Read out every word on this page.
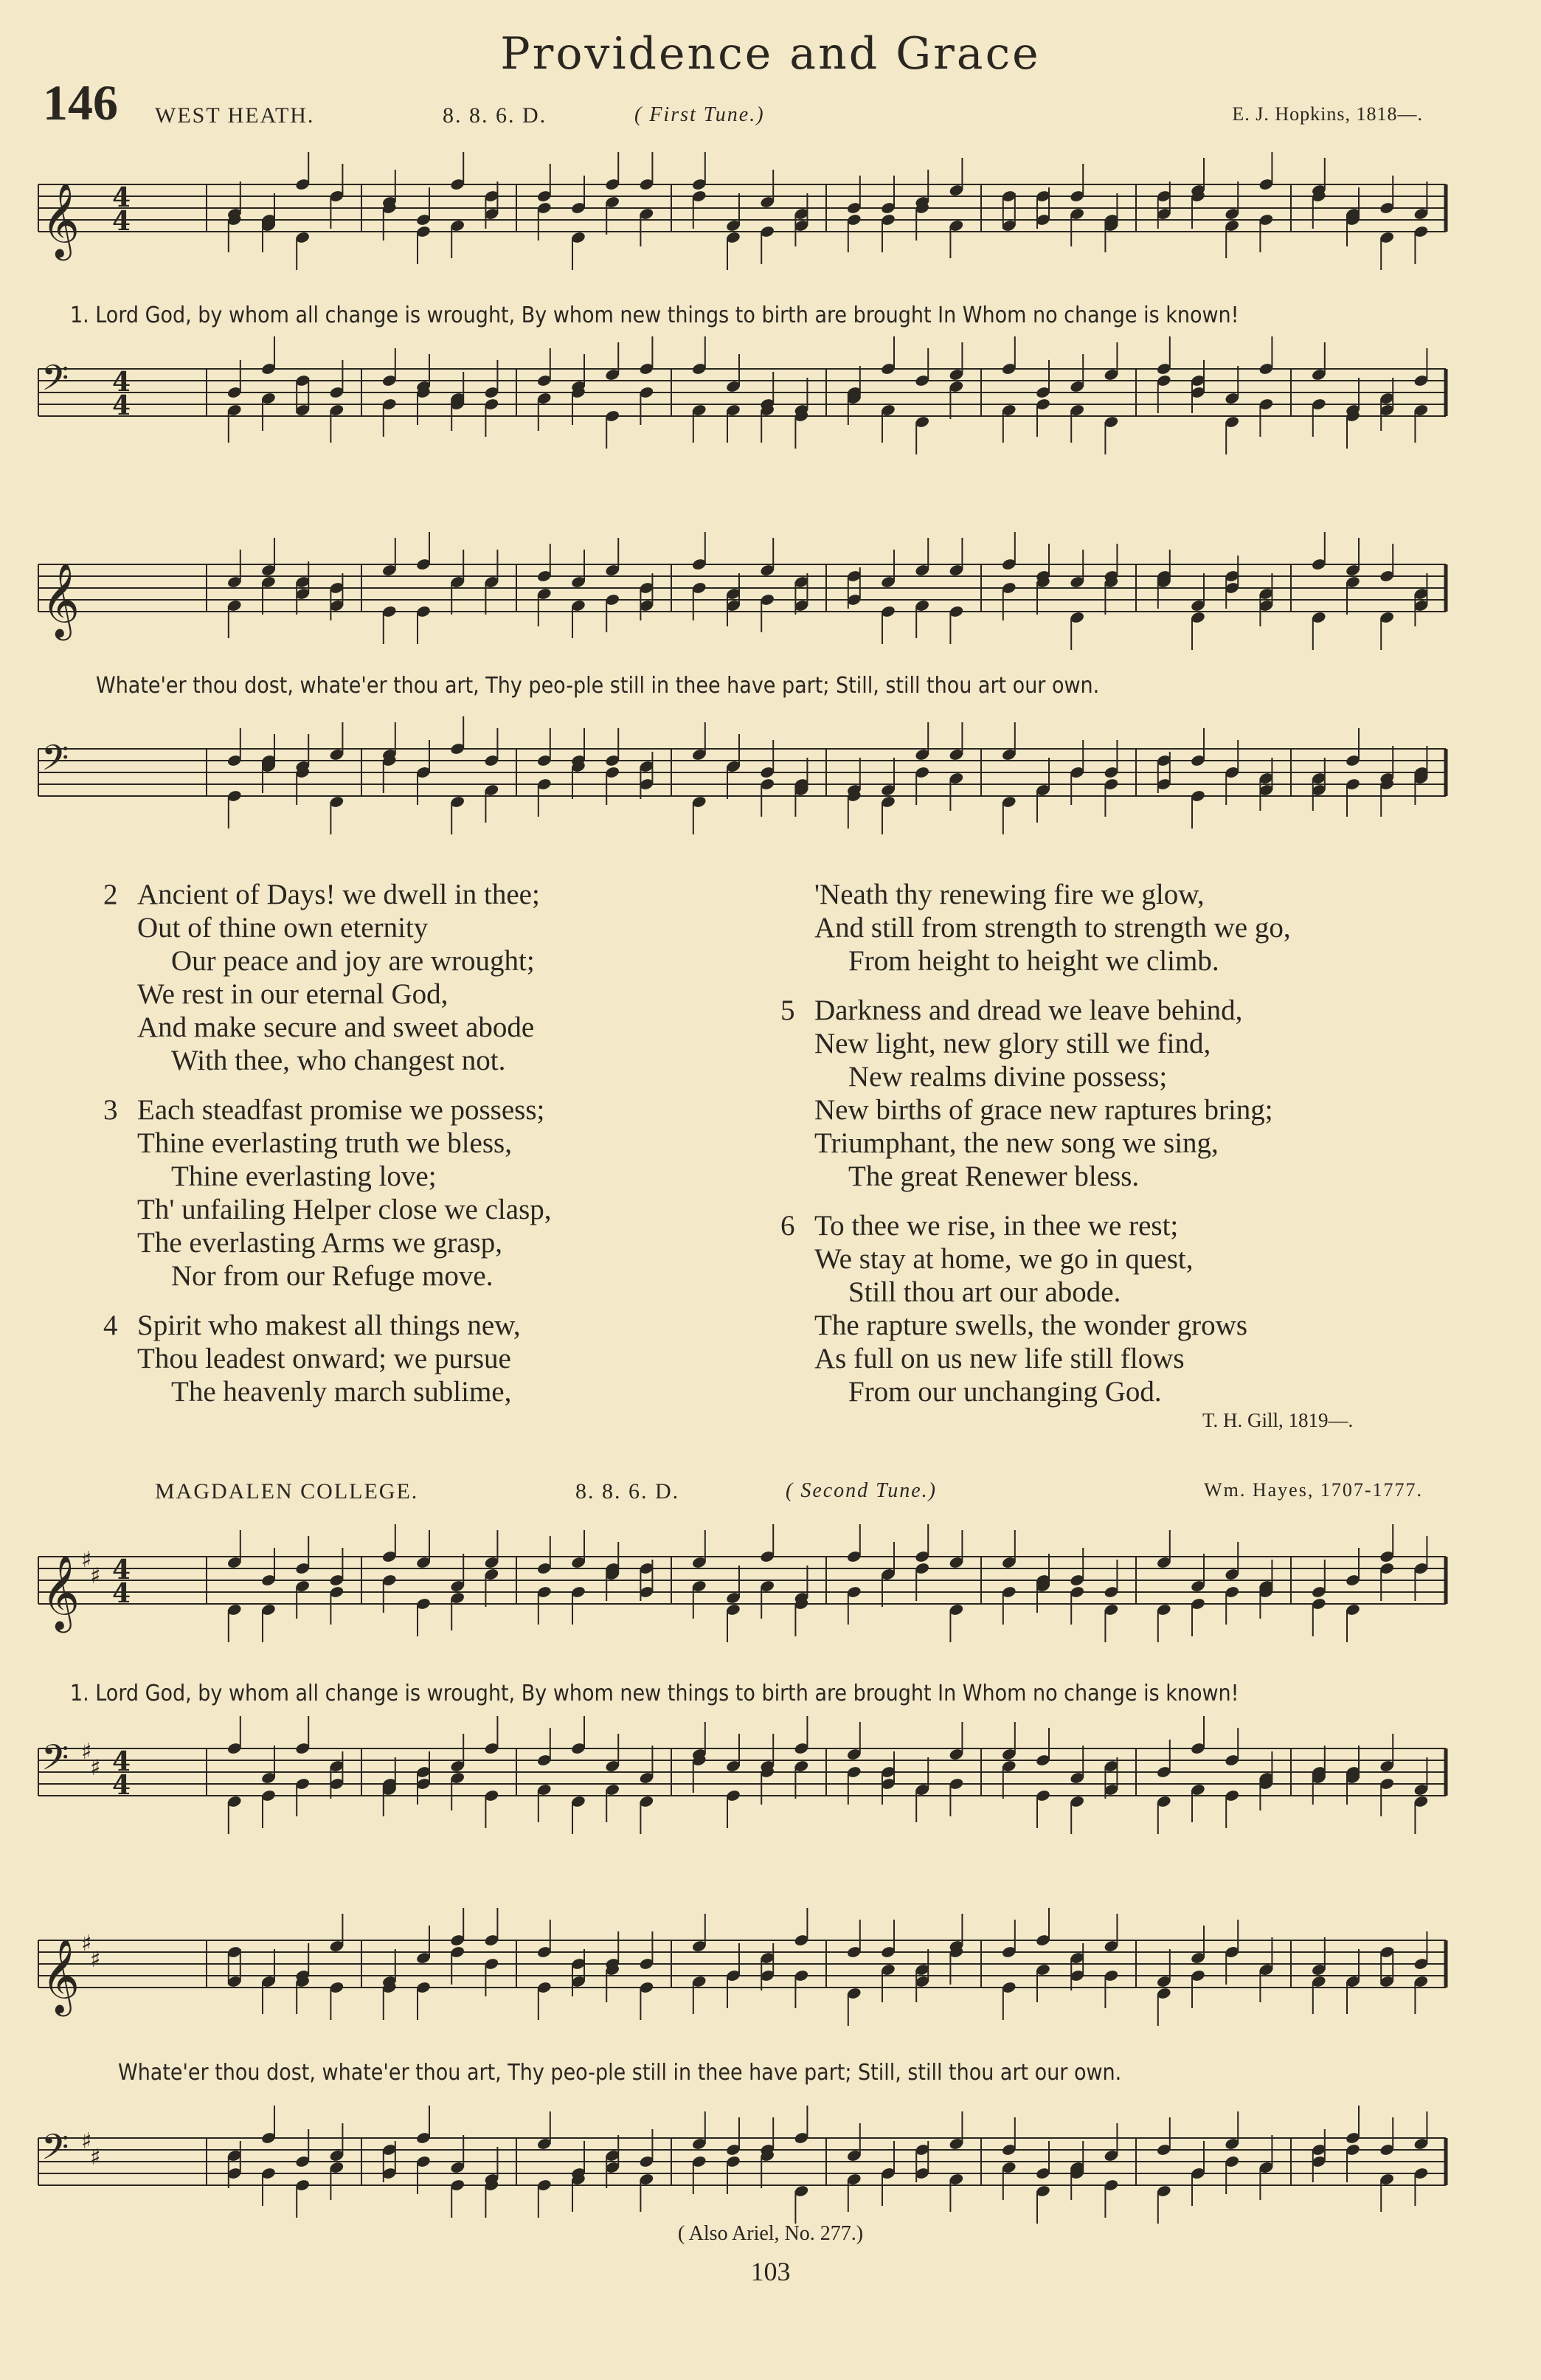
Providence and Grace
146 WEST HEATH.	8. 8. 6. D.	( First Tune.)	E. J. Hopkins, 1818—.
𝄞 4
4
1. Lord God, by whom all change is wrought, By whom new things to birth are brought In Whom no change is known!
𝄢 4
4
𝄞
Whate'er thou dost, whate'er thou art, Thy peo-ple still in thee have part; Still, still thou art our own.
𝄢
2 Ancient of Days! we dwell in thee;
Out of thine own eternity
Our peace and joy are wrought;
We rest in our eternal God,
And make secure and sweet abode
With thee, who changest not.
3 Each steadfast promise we possess;
Thine everlasting truth we bless,
Thine everlasting love;
Th' unfailing Helper close we clasp,
The everlasting Arms we grasp,
Nor from our Refuge move.
4 Spirit who makest all things new,
Thou leadest onward; we pursue
The heavenly march sublime,
'Neath thy renewing fire we glow,
And still from strength to strength we go,
From height to height we climb.
5 Darkness and dread we leave behind,
New light, new glory still we find,
New realms divine possess;
New births of grace new raptures bring;
Triumphant, the new song we sing,
The great Renewer bless.
6 To thee we rise, in thee we rest;
We stay at home, we go in quest,
Still thou art our abode.
The rapture swells, the wonder grows
As full on us new life still flows
From our unchanging God.
T. H. Gill, 1819—.
MAGDALEN COLLEGE.	8. 8. 6. D.	( Second Tune.)	Wm. Hayes, 1707-1777.
𝄞 ♯
♯ 4
4
1. Lord God, by whom all change is wrought, By whom new things to birth are brought In Whom no change is known!
𝄢 ♯
♯ 4
4
𝄞 ♯
♯
Whate'er thou dost, whate'er thou art, Thy peo-ple still in thee have part; Still, still thou art our own.
𝄢 ♯
♯
( Also Ariel, No. 277.)
103
